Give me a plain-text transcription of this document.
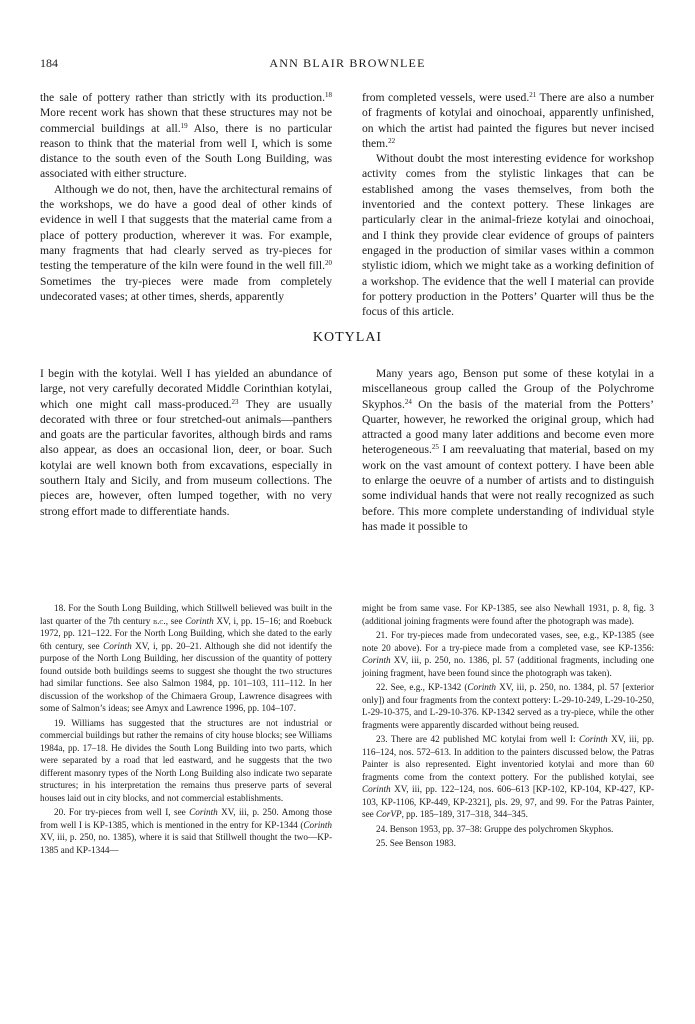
184	ANN BLAIR BROWNLEE

the sale of pottery rather than strictly with its production.$^{18}$ More recent work has shown that these structures may not be commercial buildings at all.$^{19}$ Also, there is no particular reason to think that the material from well I, which is some distance to the south even of the South Long Building, was associated with either structure.

Although we do not, then, have the architectural remains of the workshops, we do have a good deal of other kinds of evidence in well I that suggests that the material came from a place of pottery production, wherever it was. For example, many fragments that had clearly served as try-pieces for testing the temperature of the kiln were found in the well fill.$^{20}$ Sometimes the try-pieces were made from completely undecorated vases; at other times, sherds, apparently

from completed vessels, were used.$^{21}$ There are also a number of fragments of kotylai and oinochoai, apparently unfinished, on which the artist had painted the figures but never incised them.$^{22}$

Without doubt the most interesting evidence for workshop activity comes from the stylistic linkages that can be established among the vases themselves, from both the inventoried and the context pottery. These linkages are particularly clear in the animal-frieze kotylai and oinochoai, and I think they provide clear evidence of groups of painters engaged in the production of similar vases within a common stylistic idiom, which we might take as a working definition of a workshop. The evidence that the well I material can provide for pottery production in the Potters’ Quarter will thus be the focus of this article.

KOTYLAI

I begin with the kotylai. Well I has yielded an abundance of large, not very carefully decorated Middle Corinthian kotylai, which one might call mass-produced.$^{23}$ They are usually decorated with three or four stretched-out animals—panthers and goats are the particular favorites, although birds and rams also appear, as does an occasional lion, deer, or boar. Such kotylai are well known both from excavations, especially in southern Italy and Sicily, and from museum collections. The pieces are, however, often lumped together, with no very strong effort made to differentiate hands.

Many years ago, Benson put some of these kotylai in a miscellaneous group called the Group of the Polychrome Skyphos.$^{24}$ On the basis of the material from the Potters’ Quarter, however, he reworked the original group, which had attracted a good many later additions and become even more heterogeneous.$^{25}$ I am reevaluating that material, based on my work on the vast amount of context pottery. I have been able to enlarge the oeuvre of a number of artists and to distinguish some individual hands that were not really recognized as such before. This more complete understanding of individual style has made it possible to

18. For the South Long Building, which Stillwell believed was built in the last quarter of the 7th century b.c., see Corinth XV, i, pp. 15–16; and Roebuck 1972, pp. 121–122. For the North Long Building, which she dated to the early 6th century, see Corinth XV, i, pp. 20–21. Although she did not identify the purpose of the North Long Building, her discussion of the quantity of pottery found outside both buildings seems to suggest she thought the two structures had similar functions. See also Salmon 1984, pp. 101–103, 111–112. In her discussion of the workshop of the Chimaera Group, Lawrence disagrees with some of Salmon’s ideas; see Amyx and Lawrence 1996, pp. 104–107.

19. Williams has suggested that the structures are not industrial or commercial buildings but rather the remains of city house blocks; see Williams 1984a, pp. 17–18. He divides the South Long Building into two parts, which were separated by a road that led eastward, and he suggests that the two different masonry types of the North Long Building also indicate two separate structures; in his interpretation the remains thus preserve parts of several houses laid out in city blocks, and not commercial establishments.

20. For try-pieces from well I, see Corinth XV, iii, p. 250. Among those from well I is KP-1385, which is mentioned in the entry for KP-1344 (Corinth XV, iii, p. 250, no. 1385), where it is said that Stillwell thought the two—KP-1385 and KP-1344—

might be from same vase. For KP-1385, see also Newhall 1931, p. 8, fig. 3 (additional joining fragments were found after the photograph was made).

21. For try-pieces made from undecorated vases, see, e.g., KP-1385 (see note 20 above). For a try-piece made from a completed vase, see KP-1356: Corinth XV, iii, p. 250, no. 1386, pl. 57 (additional fragments, including one joining fragment, have been found since the photograph was taken).

22. See, e.g., KP-1342 (Corinth XV, iii, p. 250, no. 1384, pl. 57 [exterior only]) and four fragments from the context pottery: L-29-10-249, L-29-10-250, L-29-10-375, and L-29-10-376. KP-1342 served as a try-piece, while the other fragments were apparently discarded without being reused.

23. There are 42 published MC kotylai from well I: Corinth XV, iii, pp. 116–124, nos. 572–613. In addition to the painters discussed below, the Patras Painter is also represented. Eight inventoried kotylai and more than 60 fragments come from the context pottery. For the published kotylai, see Corinth XV, iii, pp. 122–124, nos. 606–613 [KP-102, KP-104, KP-427, KP-103, KP-1106, KP-449, KP-2321], pls. 29, 97, and 99. For the Patras Painter, see CorVP, pp. 185–189, 317–318, 344–345.

24. Benson 1953, pp. 37–38: Gruppe des polychromen Skyphos.

25. See Benson 1983.
